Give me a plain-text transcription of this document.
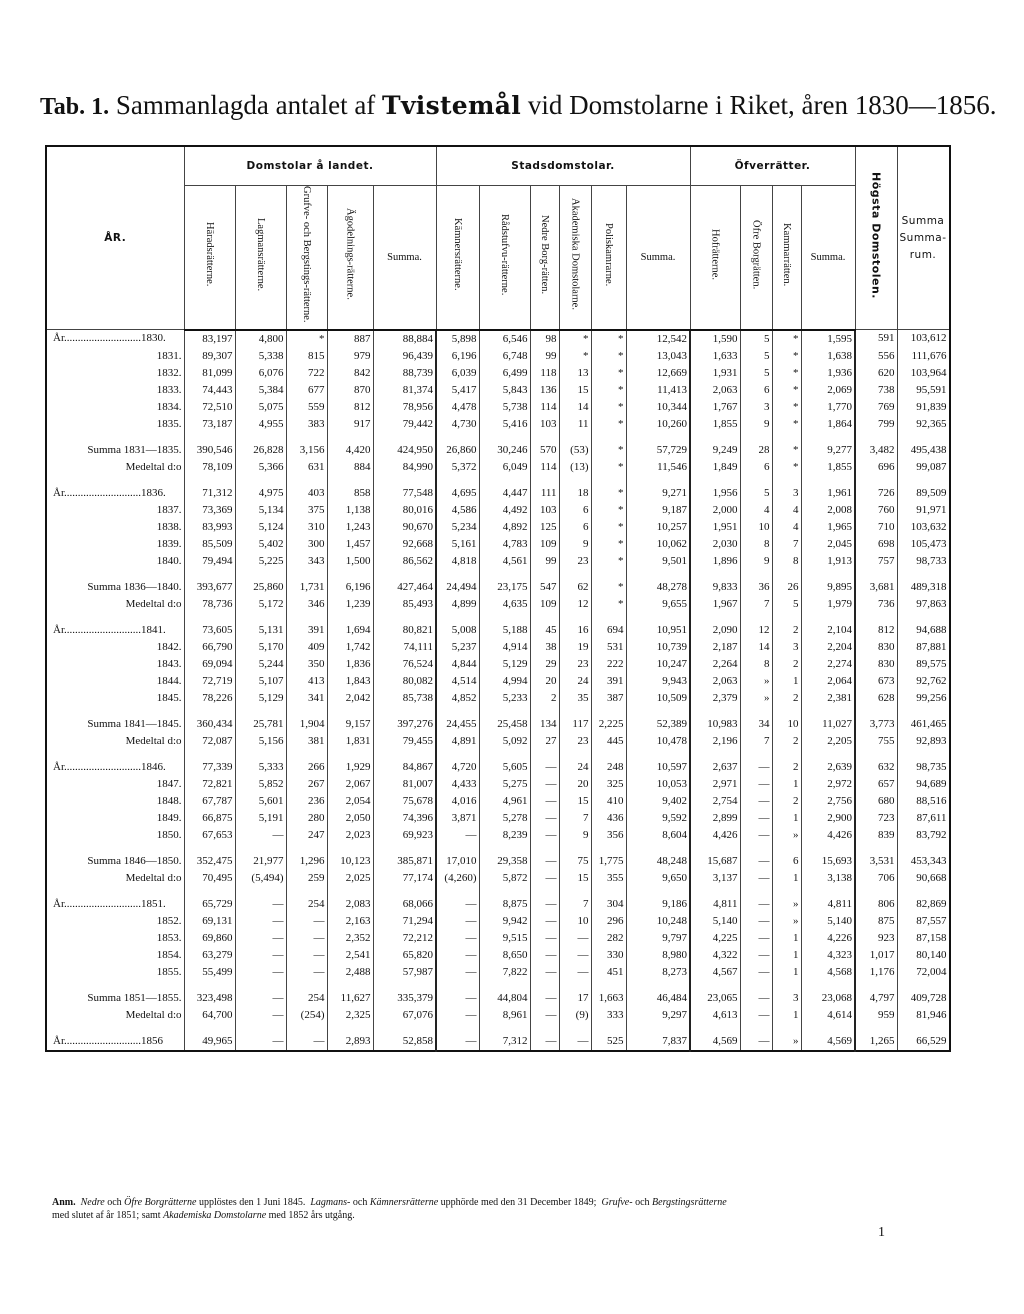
Tab. 1. Sammanlagda antalet af Tvistemål vid Domstolarne i Riket, åren 1830—1856.
ÅR.	Domstolar å landet.					Stadsdomstolar.						Öfverrätter.				Högsta Domstolen.	Summa Summa-rum.
	Häradsrätterne.	Lagmansrätterne.	Grufve- och Bergstings-rätterne.	Ägodelnings-rätterne.	Summa.	Kämnersrätterne.	Rådstufvu-rätterne.	Nedre Borg-rätten.	Akademiska Domstolarne.	Poliskamrarne.	Summa.	Hofrätterne.	Öfre Borgrätten.	Kammarrätten.	Summa.		
År............................1830.	83,197	4,800	*	887	88,884	5,898	6,546	98	*	*	12,542	1,590	5	*	1,595	591	103,612
1831.	89,307	5,338	815	979	96,439	6,196	6,748	99	*	*	13,043	1,633	5	*	1,638	556	111,676
1832.	81,099	6,076	722	842	88,739	6,039	6,499	118	13	*	12,669	1,931	5	*	1,936	620	103,964
1833.	74,443	5,384	677	870	81,374	5,417	5,843	136	15	*	11,413	2,063	6	*	2,069	738	95,591
1834.	72,510	5,075	559	812	78,956	4,478	5,738	114	14	*	10,344	1,767	3	*	1,770	769	91,839
1835.	73,187	4,955	383	917	79,442	4,730	5,416	103	11	*	10,260	1,855	9	*	1,864	799	92,365

Summa 1831—1835.	390,546	26,828	3,156	4,420	424,950	26,860	30,246	570	(53)	*	57,729	9,249	28	*	9,277	3,482	495,438
Medeltal d:o	78,109	5,366	631	884	84,990	5,372	6,049	114	(13)	*	11,546	1,849	6	*	1,855	696	99,087

År............................1836.	71,312	4,975	403	858	77,548	4,695	4,447	111	18	*	9,271	1,956	5	3	1,961	726	89,509
1837.	73,369	5,134	375	1,138	80,016	4,586	4,492	103	6	*	9,187	2,000	4	4	2,008	760	91,971
1838.	83,993	5,124	310	1,243	90,670	5,234	4,892	125	6	*	10,257	1,951	10	4	1,965	710	103,632
1839.	85,509	5,402	300	1,457	92,668	5,161	4,783	109	9	*	10,062	2,030	8	7	2,045	698	105,473
1840.	79,494	5,225	343	1,500	86,562	4,818	4,561	99	23	*	9,501	1,896	9	8	1,913	757	98,733

Summa 1836—1840.	393,677	25,860	1,731	6,196	427,464	24,494	23,175	547	62	*	48,278	9,833	36	26	9,895	3,681	489,318
Medeltal d:o	78,736	5,172	346	1,239	85,493	4,899	4,635	109	12	*	9,655	1,967	7	5	1,979	736	97,863

År............................1841.	73,605	5,131	391	1,694	80,821	5,008	5,188	45	16	694	10,951	2,090	12	2	2,104	812	94,688
1842.	66,790	5,170	409	1,742	74,111	5,237	4,914	38	19	531	10,739	2,187	14	3	2,204	830	87,881
1843.	69,094	5,244	350	1,836	76,524	4,844	5,129	29	23	222	10,247	2,264	8	2	2,274	830	89,575
1844.	72,719	5,107	413	1,843	80,082	4,514	4,994	20	24	391	9,943	2,063	»	1	2,064	673	92,762
1845.	78,226	5,129	341	2,042	85,738	4,852	5,233	2	35	387	10,509	2,379	»	2	2,381	628	99,256

Summa 1841—1845.	360,434	25,781	1,904	9,157	397,276	24,455	25,458	134	117	2,225	52,389	10,983	34	10	11,027	3,773	461,465
Medeltal d:o	72,087	5,156	381	1,831	79,455	4,891	5,092	27	23	445	10,478	2,196	7	2	2,205	755	92,893

År............................1846.	77,339	5,333	266	1,929	84,867	4,720	5,605	—	24	248	10,597	2,637	—	2	2,639	632	98,735
1847.	72,821	5,852	267	2,067	81,007	4,433	5,275	—	20	325	10,053	2,971	—	1	2,972	657	94,689
1848.	67,787	5,601	236	2,054	75,678	4,016	4,961	—	15	410	9,402	2,754	—	2	2,756	680	88,516
1849.	66,875	5,191	280	2,050	74,396	3,871	5,278	—	7	436	9,592	2,899	—	1	2,900	723	87,611
1850.	67,653	—	247	2,023	69,923	—	8,239	—	9	356	8,604	4,426	—	»	4,426	839	83,792

Summa 1846—1850.	352,475	21,977	1,296	10,123	385,871	17,010	29,358	—	75	1,775	48,248	15,687	—	6	15,693	3,531	453,343
Medeltal d:o	70,495	(5,494)	259	2,025	77,174	(4,260)	5,872	—	15	355	9,650	3,137	—	1	3,138	706	90,668

År............................1851.	65,729	—	254	2,083	68,066	—	8,875	—	7	304	9,186	4,811	—	»	4,811	806	82,869
1852.	69,131	—	—	2,163	71,294	—	9,942	—	10	296	10,248	5,140	—	»	5,140	875	87,557
1853.	69,860	—	—	2,352	72,212	—	9,515	—	—	282	9,797	4,225	—	1	4,226	923	87,158
1854.	63,279	—	—	2,541	65,820	—	8,650	—	—	330	8,980	4,322	—	1	4,323	1,017	80,140
1855.	55,499	—	—	2,488	57,987	—	7,822	—	—	451	8,273	4,567	—	1	4,568	1,176	72,004

Summa 1851—1855.	323,498	—	254	11,627	335,379	—	44,804	—	17	1,663	46,484	23,065	—	3	23,068	4,797	409,728
Medeltal d:o	64,700	—	(254)	2,325	67,076	—	8,961	—	(9)	333	9,297	4,613	—	1	4,614	959	81,946

År............................1856	49,965	—	—	2,893	52,858	—	7,312	—	—	525	7,837	4,569	—	»	4,569	1,265	66,529
Anm. Nedre och Öfre Borgrätterne upplöstes den 1 Juni 1845. Lagmans- och Kämnersrätterne upphörde med den 31 December 1849; Grufve- och Bergstingsrätterne
med slutet af år 1851; samt Akademiska Domstolarne med 1852 års utgång.
1
